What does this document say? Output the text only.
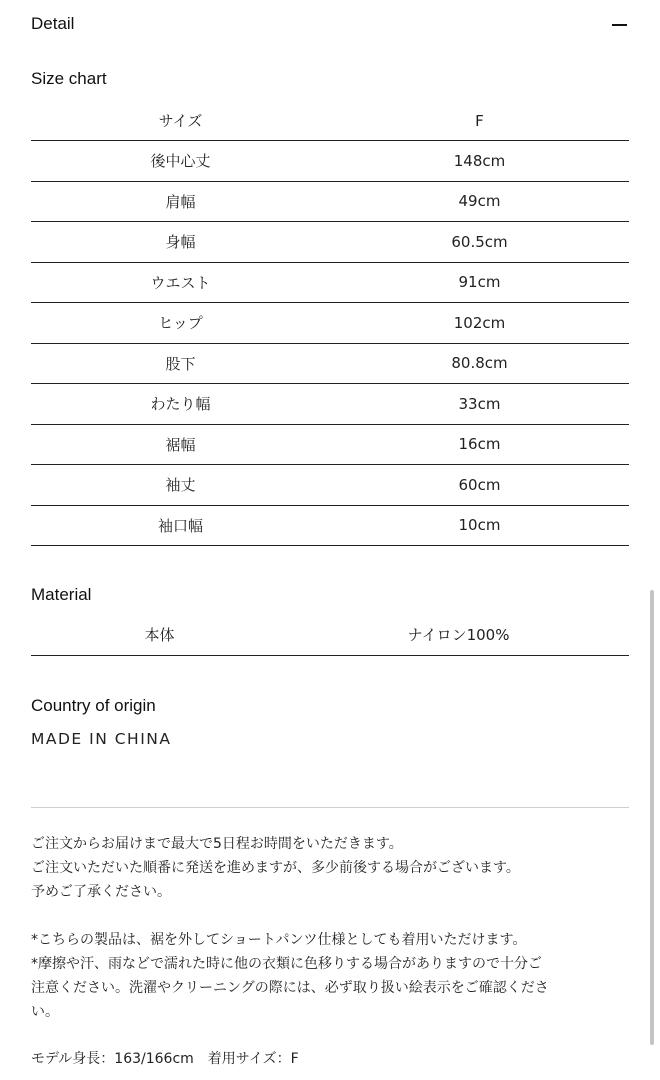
Detail
Size chart
サイズ	F
後中心丈	148cm
肩幅	49cm
身幅	60.5cm
ウエスト	91cm
ヒップ	102cm
股下	80.8cm
わたり幅	33cm
裾幅	16cm
袖丈	60cm
袖口幅	10cm
Material
本体	ナイロン100%
Country of origin
MADE IN CHINA

ご注文からお届けまで最大で5日程お時間をいただきます。

ご注文いただいた順番に発送を進めますが、多少前後する場合がございます。

予めご了承ください。

*こちらの製品は、裾を外してショートパンツ仕様としても着用いただけます。

*摩擦や汗、雨などで濡れた時に他の衣類に色移りする場合がありますので十分ご

注意ください。洗濯やクリーニングの際には、必ず取り扱い絵表示をご確認くださ

い。

モデル身長：163/166cm　着用サイズ：F
